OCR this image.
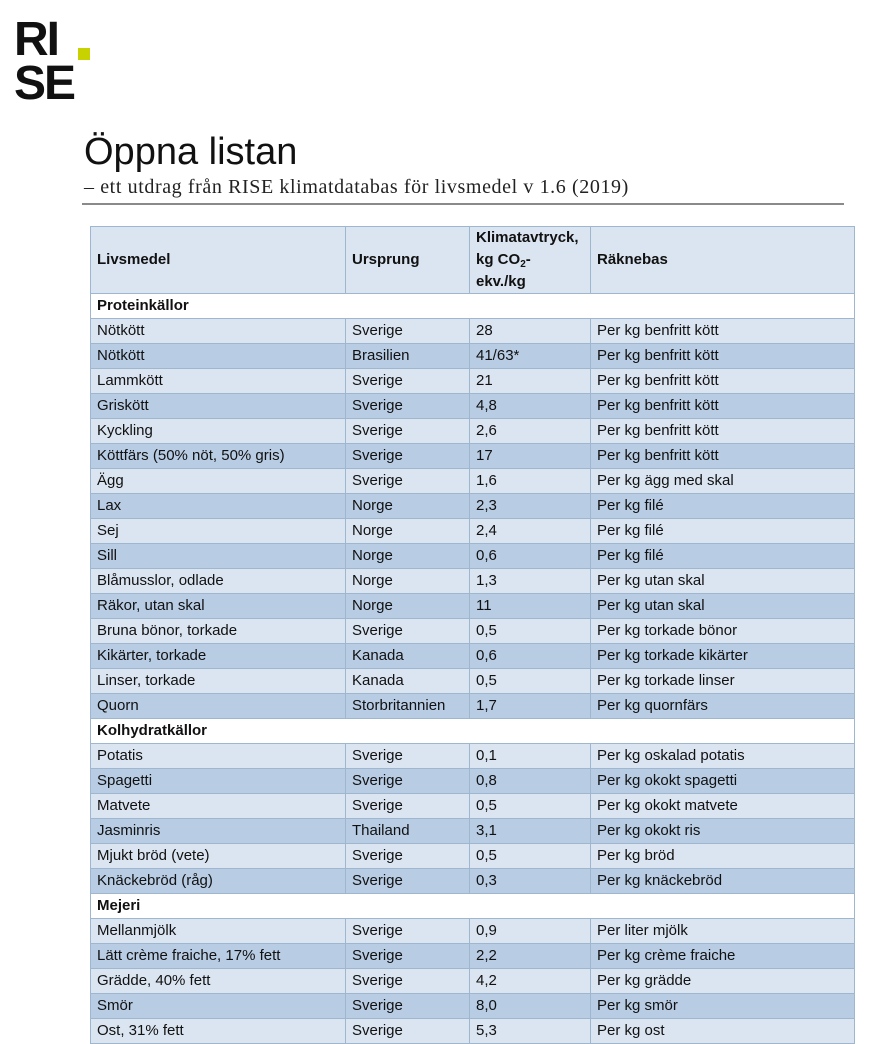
RI
SE
Öppna listan
– ett utdrag från RISE klimatdatabas för livsmedel v 1.6 (2019)
Livsmedel	Ursprung	Klimatavtryck,
kg $CO_2-$
ekv./kg	Räknebas
Proteinkällor			
Nötkött	Sverige	28	Per kg benfritt kött
Nötkött	Brasilien	41/63*	Per kg benfritt kött
Lammkött	Sverige	21	Per kg benfritt kött
Griskött	Sverige	4,8	Per kg benfritt kött
Kyckling	Sverige	2,6	Per kg benfritt kött
Köttfärs (50% nöt, 50% gris)	Sverige	17	Per kg benfritt kött
Ägg	Sverige	1,6	Per kg ägg med skal
Lax	Norge	2,3	Per kg filé
Sej	Norge	2,4	Per kg filé
Sill	Norge	0,6	Per kg filé
Blåmusslor, odlade	Norge	1,3	Per kg utan skal
Räkor, utan skal	Norge	11	Per kg utan skal
Bruna bönor, torkade	Sverige	0,5	Per kg torkade bönor
Kikärter, torkade	Kanada	0,6	Per kg torkade kikärter
Linser, torkade	Kanada	0,5	Per kg torkade linser
Quorn	Storbritannien	1,7	Per kg quornfärs
Kolhydratkällor			
Potatis	Sverige	0,1	Per kg oskalad potatis
Spagetti	Sverige	0,8	Per kg okokt spagetti
Matvete	Sverige	0,5	Per kg okokt matvete
Jasminris	Thailand	3,1	Per kg okokt ris
Mjukt bröd (vete)	Sverige	0,5	Per kg bröd
Knäckebröd (råg)	Sverige	0,3	Per kg knäckebröd
Mejeri			
Mellanmjölk	Sverige	0,9	Per liter mjölk
Lätt crème fraiche, 17% fett	Sverige	2,2	Per kg crème fraiche
Grädde, 40% fett	Sverige	4,2	Per kg grädde
Smör	Sverige	8,0	Per kg smör
Ost, 31% fett	Sverige	5,3	Per kg ost
